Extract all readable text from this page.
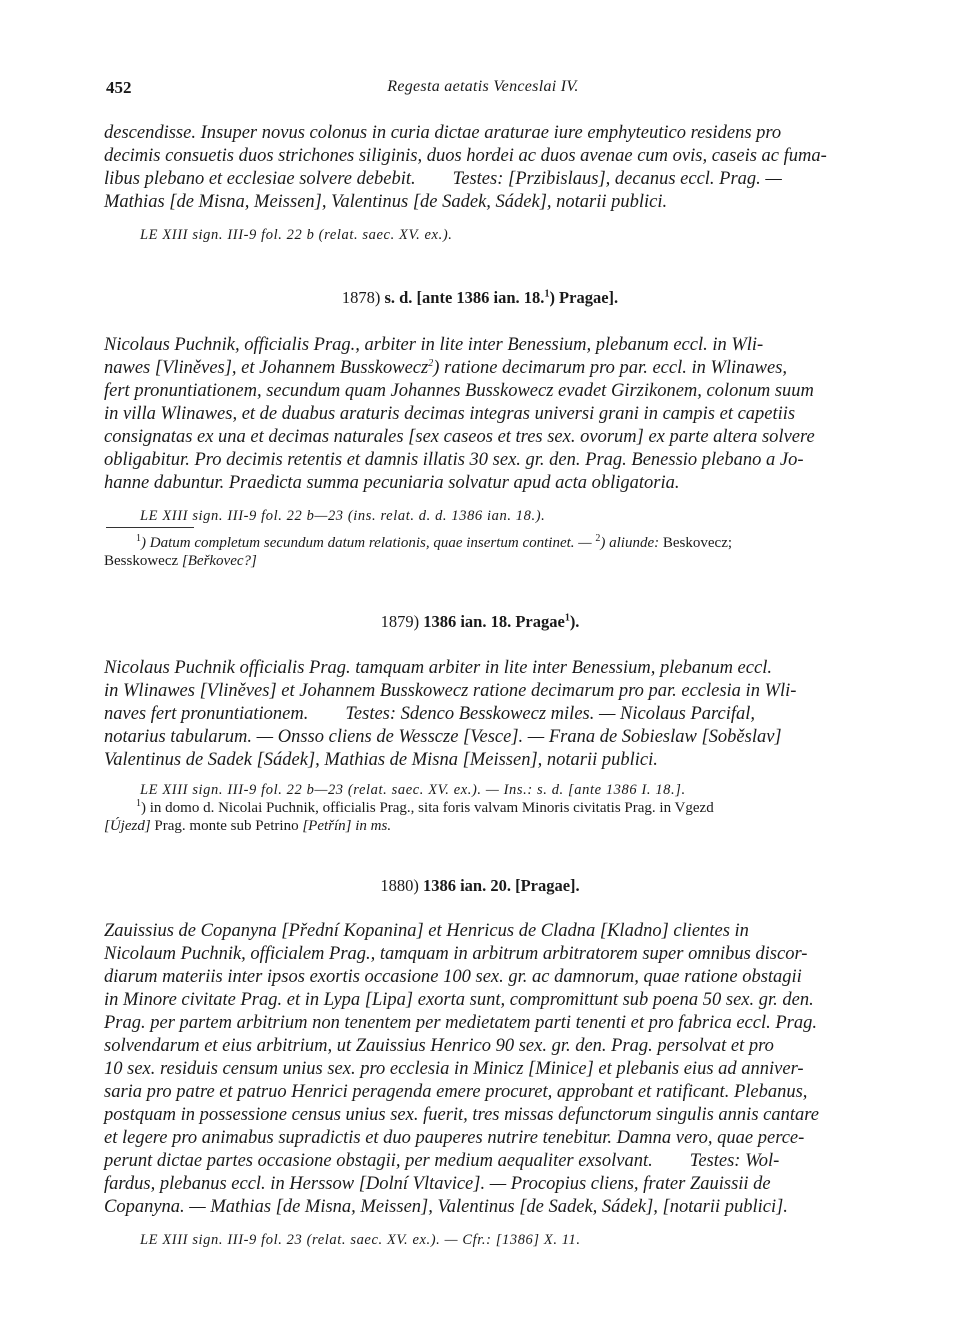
452	Regesta aetatis Venceslai IV.

descendisse. Insuper novus colonus in curia dictae araturae iure emphyteutico residens pro
decimis consuetis duos strichones siliginis, duos hordei ac duos avenae cum ovis, caseis ac fuma-
libus plebano et ecclesiae solvere debebit.        Testes: [Przibislaus], decanus eccl. Prag. —
Mathias [de Misna, Meissen], Valentinus [de Sadek, Sádek], notarii publici.

LE XIII sign. III-9 fol. 22 b (relat. saec. XV. ex.).

1878) s. d. [ante 1386 ian. 18.$^1$) Pragae].

Nicolaus Puchnik, officialis Prag., arbiter in lite inter Benessium, plebanum eccl. in Wli-
nawes [Vliněves], et Johannem Busskowecz$^2$) ratione decimarum pro par. eccl. in Wlinawes,
fert pronuntiationem, secundum quam Johannes Busskowecz evadet Girzikonem, colonum suum
in villa Wlinawes, et de duabus araturis decimas integras universi grani in campis et capetiis
consignatas ex una et decimas naturales [sex caseos et tres sex. ovorum] ex parte altera solvere
obligabitur. Pro decimis retentis et damnis illatis 30 sex. gr. den. Prag. Benessio plebano a Jo-
hanne dabuntur. Praedicta summa pecuniaria solvatur apud acta obligatoria.

LE XIII sign. III-9 fol. 22 b—23 (ins. relat. d. d. 1386 ian. 18.).

$^1$) Datum completum secundum datum relationis, quae insertum continet. — $^2$) aliunde: Beskovecz;

Besskowecz [Beřkovec?]

1879) 1386 ian. 18. Pragae$^1$).

Nicolaus Puchnik officialis Prag. tamquam arbiter in lite inter Benessium, plebanum eccl.
in Wlinawes [Vliněves] et Johannem Busskowecz ratione decimarum pro par. ecclesia in Wli-
naves fert pronuntiationem.        Testes: Sdenco Besskowecz miles. — Nicolaus Parcifal,
notarius tabularum. — Onsso cliens de Wesscze [Vesce]. — Frana de Sobieslaw [Soběslav]
Valentinus de Sadek [Sádek], Mathias de Misna [Meissen], notarii publici.

LE XIII sign. III-9 fol. 22 b—23 (relat. saec. XV. ex.). — Ins.: s. d. [ante 1386 I. 18.].

$^1$) in domo d. Nicolai Puchnik, officialis Prag., sita foris valvam Minoris civitatis Prag. in Vgezd

[Újezd] Prag. monte sub Petrino [Petřín] in ms.

1880) 1386 ian. 20. [Pragae].

Zauissius de Copanyna [Přední Kopanina] et Henricus de Cladna [Kladno] clientes in
Nicolaum Puchnik, officialem Prag., tamquam in arbitrum arbitratorem super omnibus discor-
diarum materiis inter ipsos exortis occasione 100 sex. gr. ac damnorum, quae ratione obstagii
in Minore civitate Prag. et in Lypa [Lipa] exorta sunt, compromittunt sub poena 50 sex. gr. den.
Prag. per partem arbitrium non tenentem per medietatem parti tenenti et pro fabrica eccl. Prag.
solvendarum et eius arbitrium, ut Zauissius Henrico 90 sex. gr. den. Prag. persolvat et pro
10 sex. residuis censum unius sex. pro ecclesia in Minicz [Minice] et plebanis eius ad anniver-
saria pro patre et patruo Henrici peragenda emere procuret, approbant et ratificant. Plebanus,
postquam in possessione census unius sex. fuerit, tres missas defunctorum singulis annis cantare
et legere pro animabus supradictis et duo pauperes nutrire tenebitur. Damna vero, quae perce-
perunt dictae partes occasione obstagii, per medium aequaliter exsolvant.        Testes: Wol-
fardus, plebanus eccl. in Herssow [Dolní Vltavice]. — Procopius cliens, frater Zauissii de
Copanyna. — Mathias [de Misna, Meissen], Valentinus [de Sadek, Sádek], [notarii publici].

LE XIII sign. III-9 fol. 23 (relat. saec. XV. ex.). — Cfr.: [1386] X. 11.
